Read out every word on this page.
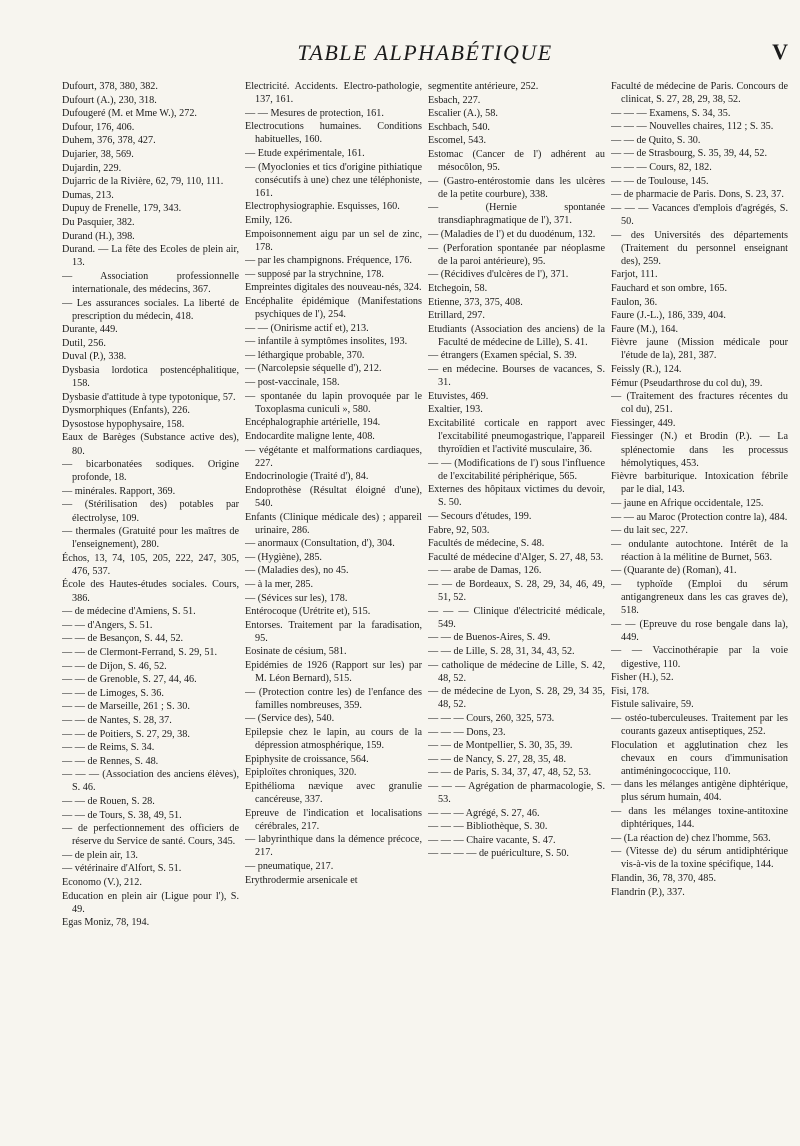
TABLE ALPHABÉTIQUE	V
Dufourt, 378, 380, 382.
Dufourt (A.), 230, 318.
Dufougeré (M. et Mme W.), 272.
Dufour, 176, 406.
Duhem, 376, 378, 427.
Dujarier, 38, 569.
Dujardin, 229.
Dujarric de la Rivière, 62, 79, 110, 111.
Dumas, 213.
Dupuy de Frenelle, 179, 343.
Du Pasquier, 382.
Durand (H.), 398.
Durand. — La fête des Ecoles de plein air, 13.
— Association professionnelle internationale, des médecins, 367.
— Les assurances sociales. La liberté de prescription du médecin, 418.
Durante, 449.
Dutil, 256.
Duval (P.), 338.
Dysbasia lordotica postencéphalitique, 158.
Dysbasie d'attitude à type typotonique, 57.
Dysmorphiques (Enfants), 226.
Dysostose hypophysaire, 158.
Eaux de Barèges (Substance active des), 80.
— bicarbonatées sodiques. Origine profonde, 18.
— minérales. Rapport, 369.
— (Stérilisation des) potables par électrolyse, 109.
— thermales (Gratuité pour les maîtres de l'enseignement), 280.
Échos, 13, 74, 105, 205, 222, 247, 305, 476, 537.
École des Hautes-études sociales. Cours, 386.
— de médecine d'Amiens, S. 51.
— — d'Angers, S. 51.
— — de Besançon, S. 44, 52.
— — de Clermont-Ferrand, S. 29, 51.
— — de Dijon, S. 46, 52.
— — de Grenoble, S. 27, 44, 46.
— — de Limoges, S. 36.
— — de Marseille, 261 ; S. 30.
— — de Nantes, S. 28, 37.
— — de Poitiers, S. 27, 29, 38.
— — de Reims, S. 34.
— — de Rennes, S. 48.
— — — (Association des anciens élèves), S. 46.
— — de Rouen, S. 28.
— — de Tours, S. 38, 49, 51.
— de perfectionnement des officiers de réserve du Service de santé. Cours, 345.
— de plein air, 13.
— vétérinaire d'Alfort, S. 51.
Economo (V.), 212.
Education en plein air (Ligue pour l'), S. 49.
Egas Moniz, 78, 194.
Electricité. Accidents. Electro-pathologie, 137, 161.
— — Mesures de protection, 161.
Electrocutions humaines. Conditions habituelles, 160.
— Etude expérimentale, 161.
— (Myoclonies et tics d'origine pithiatique consécutifs à une) chez une téléphoniste, 161.
Electrophysiographie. Esquisses, 160.
Emily, 126.
Empoisonnement aigu par un sel de zinc, 178.
— par les champignons. Fréquence, 176.
— supposé par la strychnine, 178.
Empreintes digitales des nouveau-nés, 324.
Encéphalite épidémique (Manifestations psychiques de l'), 254.
— — (Onirisme actif et), 213.
— infantile à symptômes insolites, 193.
— léthargique probable, 370.
— (Narcolepsie séquelle d'), 212.
— post-vaccinale, 158.
— spontanée du lapin provoquée par le Toxoplasma cuniculi », 580.
Encéphalographie artérielle, 194.
Endocardite maligne lente, 408.
— végétante et malformations cardiaques, 227.
Endocrinologie (Traité d'), 84.
Endoprothèse (Résultat éloigné d'une), 540.
Enfants (Clinique médicale des) ; appareil urinaire, 286.
— anormaux (Consultation, d'), 304.
— (Hygiène), 285.
— (Maladies des), no 45.
— à la mer, 285.
— (Sévices sur les), 178.
Entérocoque (Urétrite et), 515.
Entorses. Traitement par la faradisation, 95.
Eosinate de césium, 581.
Epidémies de 1926 (Rapport sur les) par M. Léon Bernard), 515.
— (Protection contre les) de l'enfance des familles nombreuses, 359.
— (Service des), 540.
Epilepsie chez le lapin, au cours de la dépression atmosphérique, 159.
Epiphysite de croissance, 564.
Epiploïtes chroniques, 320.
Epithélioma nævique avec granulie cancéreuse, 337.
Epreuve de l'indication et localisations cérébrales, 217.
— labyrinthique dans la démence précoce, 217.
— pneumatique, 217.
Erythrodermie arsenicale et
segmentite antérieure, 252.
Esbach, 227.
Escalier (A.), 58.
Eschbach, 540.
Escomel, 543.
Estomac (Cancer de l') adhérent au mésocôlon, 95.
— (Gastro-entérostomie dans les ulcères de la petite courbure), 338.
— (Hernie spontanée transdiaphragmatique de l'), 371.
— (Maladies de l') et du duodénum, 132.
— (Perforation spontanée par néoplasme de la paroi antérieure), 95.
— (Récidives d'ulcères de l'), 371.
Etchegoin, 58.
Etienne, 373, 375, 408.
Etrillard, 297.
Etudiants (Association des anciens) de la Faculté de médecine de Lille), S. 41.
— étrangers (Examen spécial, S. 39.
— en médecine. Bourses de vacances, S. 31.
Etuvistes, 469.
Exaltier, 193.
Excitabilité corticale en rapport avec l'excitabilité pneumogastrique, l'appareil thyroïdien et l'activité musculaire, 36.
— — (Modifications de l') sous l'influence de l'excitabilité périphérique, 565.
Externes des hôpitaux victimes du devoir, S. 50.
— Secours d'études, 199.
Fabre, 92, 503.
Facultés de médecine, S. 48.
Faculté de médecine d'Alger, S. 27, 48, 53.
— — arabe de Damas, 126.
— — de Bordeaux, S. 28, 29, 34, 46, 49, 51, 52.
— — — Clinique d'électricité médicale, 549.
— — de Buenos-Aires, S. 49.
— — de Lille, S. 28, 31, 34, 43, 52.
— catholique de médecine de Lille, S. 42, 48, 52.
— de médecine de Lyon, S. 28, 29, 34 35, 48, 52.
— — — Cours, 260, 325, 573.
— — — Dons, 23.
— — de Montpellier, S. 30, 35, 39.
— — de Nancy, S. 27, 28, 35, 48.
— — de Paris, S. 34, 37, 47, 48, 52, 53.
— — — Agrégation de pharmacologie, S. 53.
— — — Agrégé, S. 27, 46.
— — — Bibliothèque, S. 30.
— — — Chaire vacante, S. 47.
— — — — de puériculture, S. 50.
Faculté de médecine de Paris. Concours de clinicat, S. 27, 28, 29, 38, 52.
— — — Examens, S. 34, 35.
— — — Nouvelles chaires, 112 ; S. 35.
— — de Quito, S. 30.
— — de Strasbourg, S. 35, 39, 44, 52.
— — — Cours, 82, 182.
— — de Toulouse, 145.
— de pharmacie de Paris. Dons, S. 23, 37.
— — — Vacances d'emplois d'agrégés, S. 50.
— des Universités des départements (Traitement du personnel enseignant des), 259.
Farjot, 111.
Fauchard et son ombre, 165.
Faulon, 36.
Faure (J.-L.), 186, 339, 404.
Faure (M.), 164.
Fièvre jaune (Mission médicale pour l'étude de la), 281, 387.
Feissly (R.), 124.
Fémur (Pseudarthrose du col du), 39.
— (Traitement des fractures récentes du col du), 251.
Fiessinger, 449.
Fiessinger (N.) et Brodin (P.). — La splénectomie dans les processus hémolytiques, 453.
Fièvre barbiturique. Intoxication fébrile par le dial, 143.
— jaune en Afrique occidentale, 125.
— — au Maroc (Protection contre la), 484.
— du lait sec, 227.
— ondulante autochtone. Intérêt de la réaction à la mélitine de Burnet, 563.
— (Quarante de) (Roman), 41.
— typhoïde (Emploi du sérum antigangreneux dans les cas graves de), 518.
— — (Epreuve du rose bengale dans la), 449.
— — Vaccinothérapie par la voie digestive, 110.
Fisher (H.), 52.
Fisi, 178.
Fistule salivaire, 59.
— ostéo-tuberculeuses. Traitement par les courants gazeux antiseptiques, 252.
Floculation et agglutination chez les chevaux en cours d'immunisation antiméningococcique, 110.
— dans les mélanges antigène diphtérique, plus sérum humain, 404.
— dans les mélanges toxine-antitoxine diphtériques, 144.
— (La réaction de) chez l'homme, 563.
— (Vitesse de) du sérum antidiphtérique vis-à-vis de la toxine spécifique, 144.
Flandin, 36, 78, 370, 485.
Flandrin (P.), 337.
